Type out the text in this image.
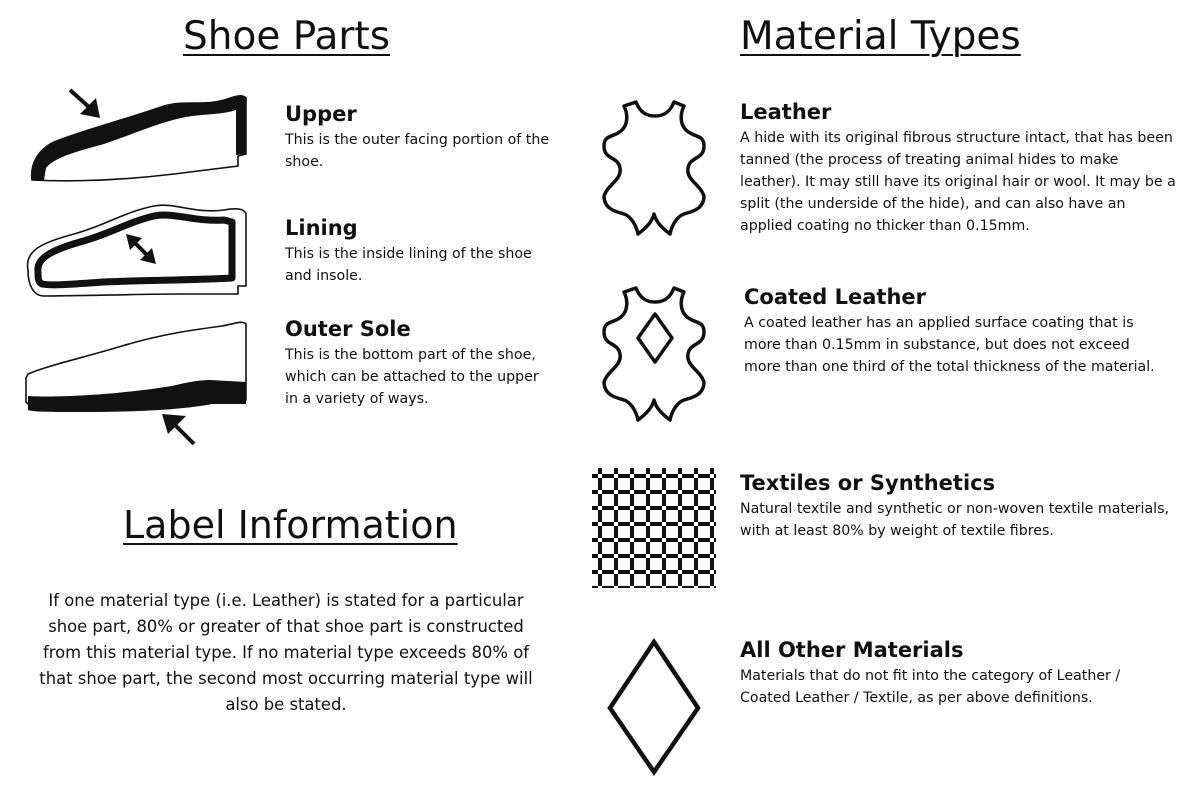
Shoe Parts	Material Types
Label Information
Upper

This is the outer facing portion of the shoe.

Lining

This is the inside lining of the shoe and insole.

Outer Sole

This is the bottom part of the shoe, which can be attached to the upper in a variety of ways.

If one material type (i.e. Leather) is stated for a particular shoe part, 80% or greater of that shoe part is constructed from this material type. If no material type exceeds 80% of that shoe part, the second most occurring material type will also be stated.

Leather

A hide with its original fibrous structure intact, that has been tanned (the process of treating animal hides to make leather). It may still have its original hair or wool. It may be a split (the underside of the hide), and can also have an applied coating no thicker than 0.15mm.

Coated Leather

A coated leather has an applied surface coating that is more than 0.15mm in substance, but does not exceed more than one third of the total thickness of the material.

Textiles or Synthetics

Natural textile and synthetic or non-woven textile materials, with at least 80% by weight of textile fibres.

All Other Materials

Materials that do not fit into the category of Leather / Coated Leather / Textile, as per above definitions.
